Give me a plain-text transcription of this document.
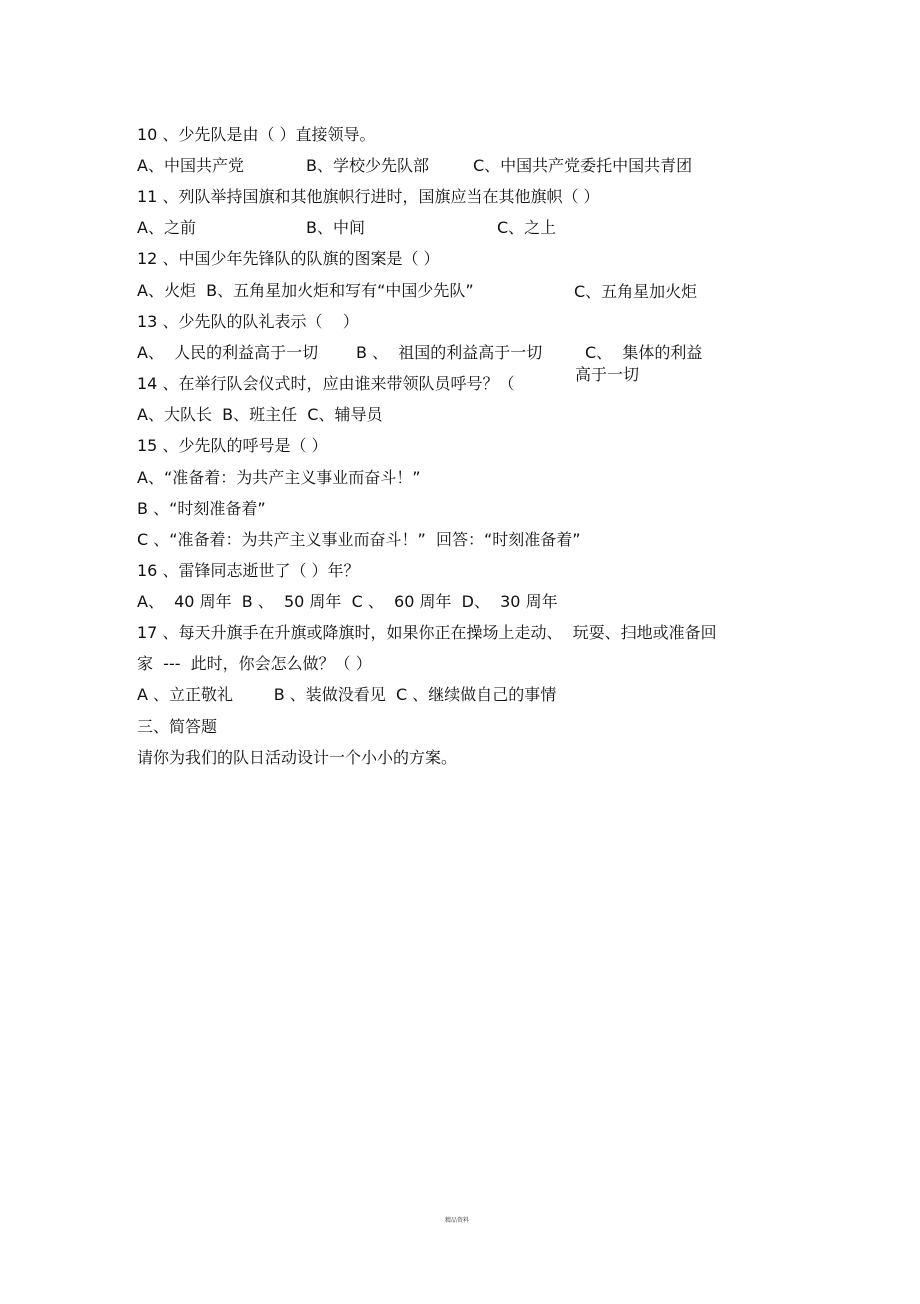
10 、少先队是由（ ）直接领导。
A、中国共产党	B、学校少先队部	C、中国共产党委托中国共青团
11 、列队举持国旗和其他旗帜行进时，国旗应当在其他旗帜（ ）
A、之前	B、中间	C、之上
12 、中国少年先锋队的队旗的图案是（ ）
A、火炬  B、五角星加火炬和写有“中国少先队”	C、五角星加火炬
13 、少先队的队礼表示（    ）
A、  人民的利益高于一切 B 、  祖国的利益高于一切	C、  集体的利益
高于一切
14 、在举行队会仪式时，应由谁来带领队员呼号？（
A、大队长  B、班主任  C、辅导员
15 、少先队的呼号是（ ）
A、“准备着：为共产主义事业而奋斗！”
B 、“时刻准备着”
C 、“准备着：为共产主义事业而奋斗！”  回答：“时刻准备着”
16 、雷锋同志逝世了（ ）年？
A、  40 周年  B 、  50 周年  C 、  60 周年  D、  30 周年
17 、每天升旗手在升旗或降旗时，如果你正在操场上走动、  玩耍、扫地或准备回
家  ---  此时，你会怎么做？（ ）
A 、立正敬礼        B 、装做没看见  C 、继续做自己的事情
三、简答题
请你为我们的队日活动设计一个小小的方案。
精品资料
